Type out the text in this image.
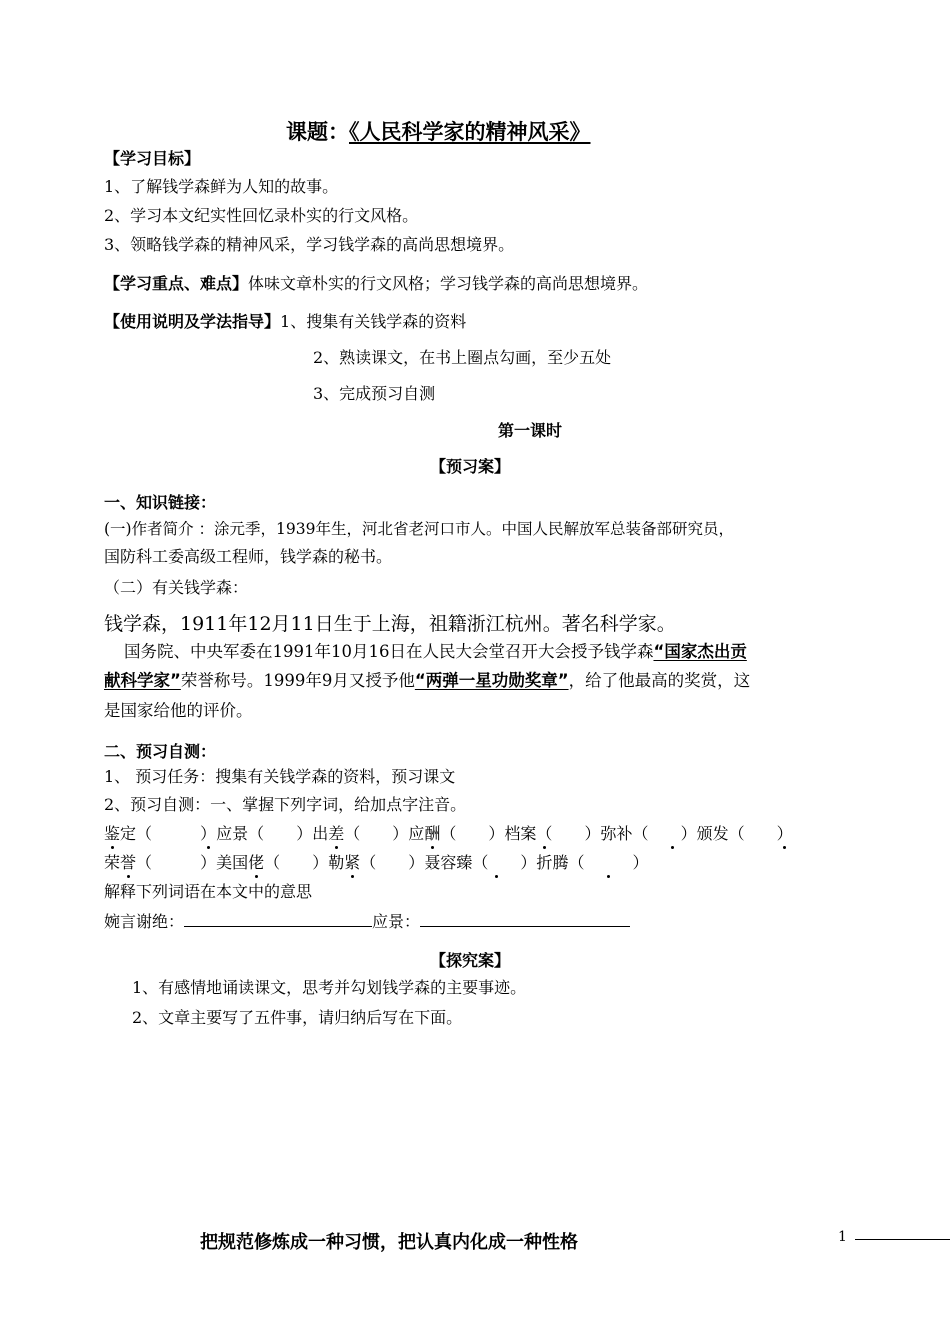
课题：《人民科学家的精神风采》
【学习目标】
1、了解钱学森鲜为人知的故事。
2、学习本文纪实性回忆录朴实的行文风格。
3、领略钱学森的精神风采，学习钱学森的高尚思想境界。
【学习重点、难点】体味文章朴实的行文风格；学习钱学森的高尚思想境界。
【使用说明及学法指导】1、搜集有关钱学森的资料
2、熟读课文，在书上圈点勾画，至少五处
3、完成预习自测
第一课时
【预习案】
一、知识链接：
(一)作者简介 ：涂元季，1939年生，河北省老河口市人。中国人民解放军总装备部研究员，
国防科工委高级工程师，钱学森的秘书。
（二）有关钱学森：
钱学森，1911年12月11日生于上海，祖籍浙江杭州。著名科学家。
国务院、中央军委在1991年10月16日在人民大会堂召开大会授予钱学森“国家杰出贡
献科学家”荣誉称号。1999年9月又授予他“两弹一星功勋奖章”，给了他最高的奖赏，这
是国家给他的评价。
二、预习自测：
1、 预习任务：搜集有关钱学森的资料，预习课文
2、预习自测：一、掌握下列字词，给加点字注音。
鉴定（　　　	）应景（　　 ）出差（　　 ）应酬（　　 ）档案（　　 ）弥补（　　 ）颁发（　　 ）
荣誉（　　　	）美国佬（　　 ）勒紧（　　 ）聂容臻（　　 ）折腾（　　　	）
解释下列词语在本文中的意思
婉言谢绝：	应景：
【探究案】
1、有感情地诵读课文，思考并勾划钱学森的主要事迹。
2、文章主要写了五件事，请归纳后写在下面。
把规范修炼成一种习惯，把认真内化成一种性格	1
